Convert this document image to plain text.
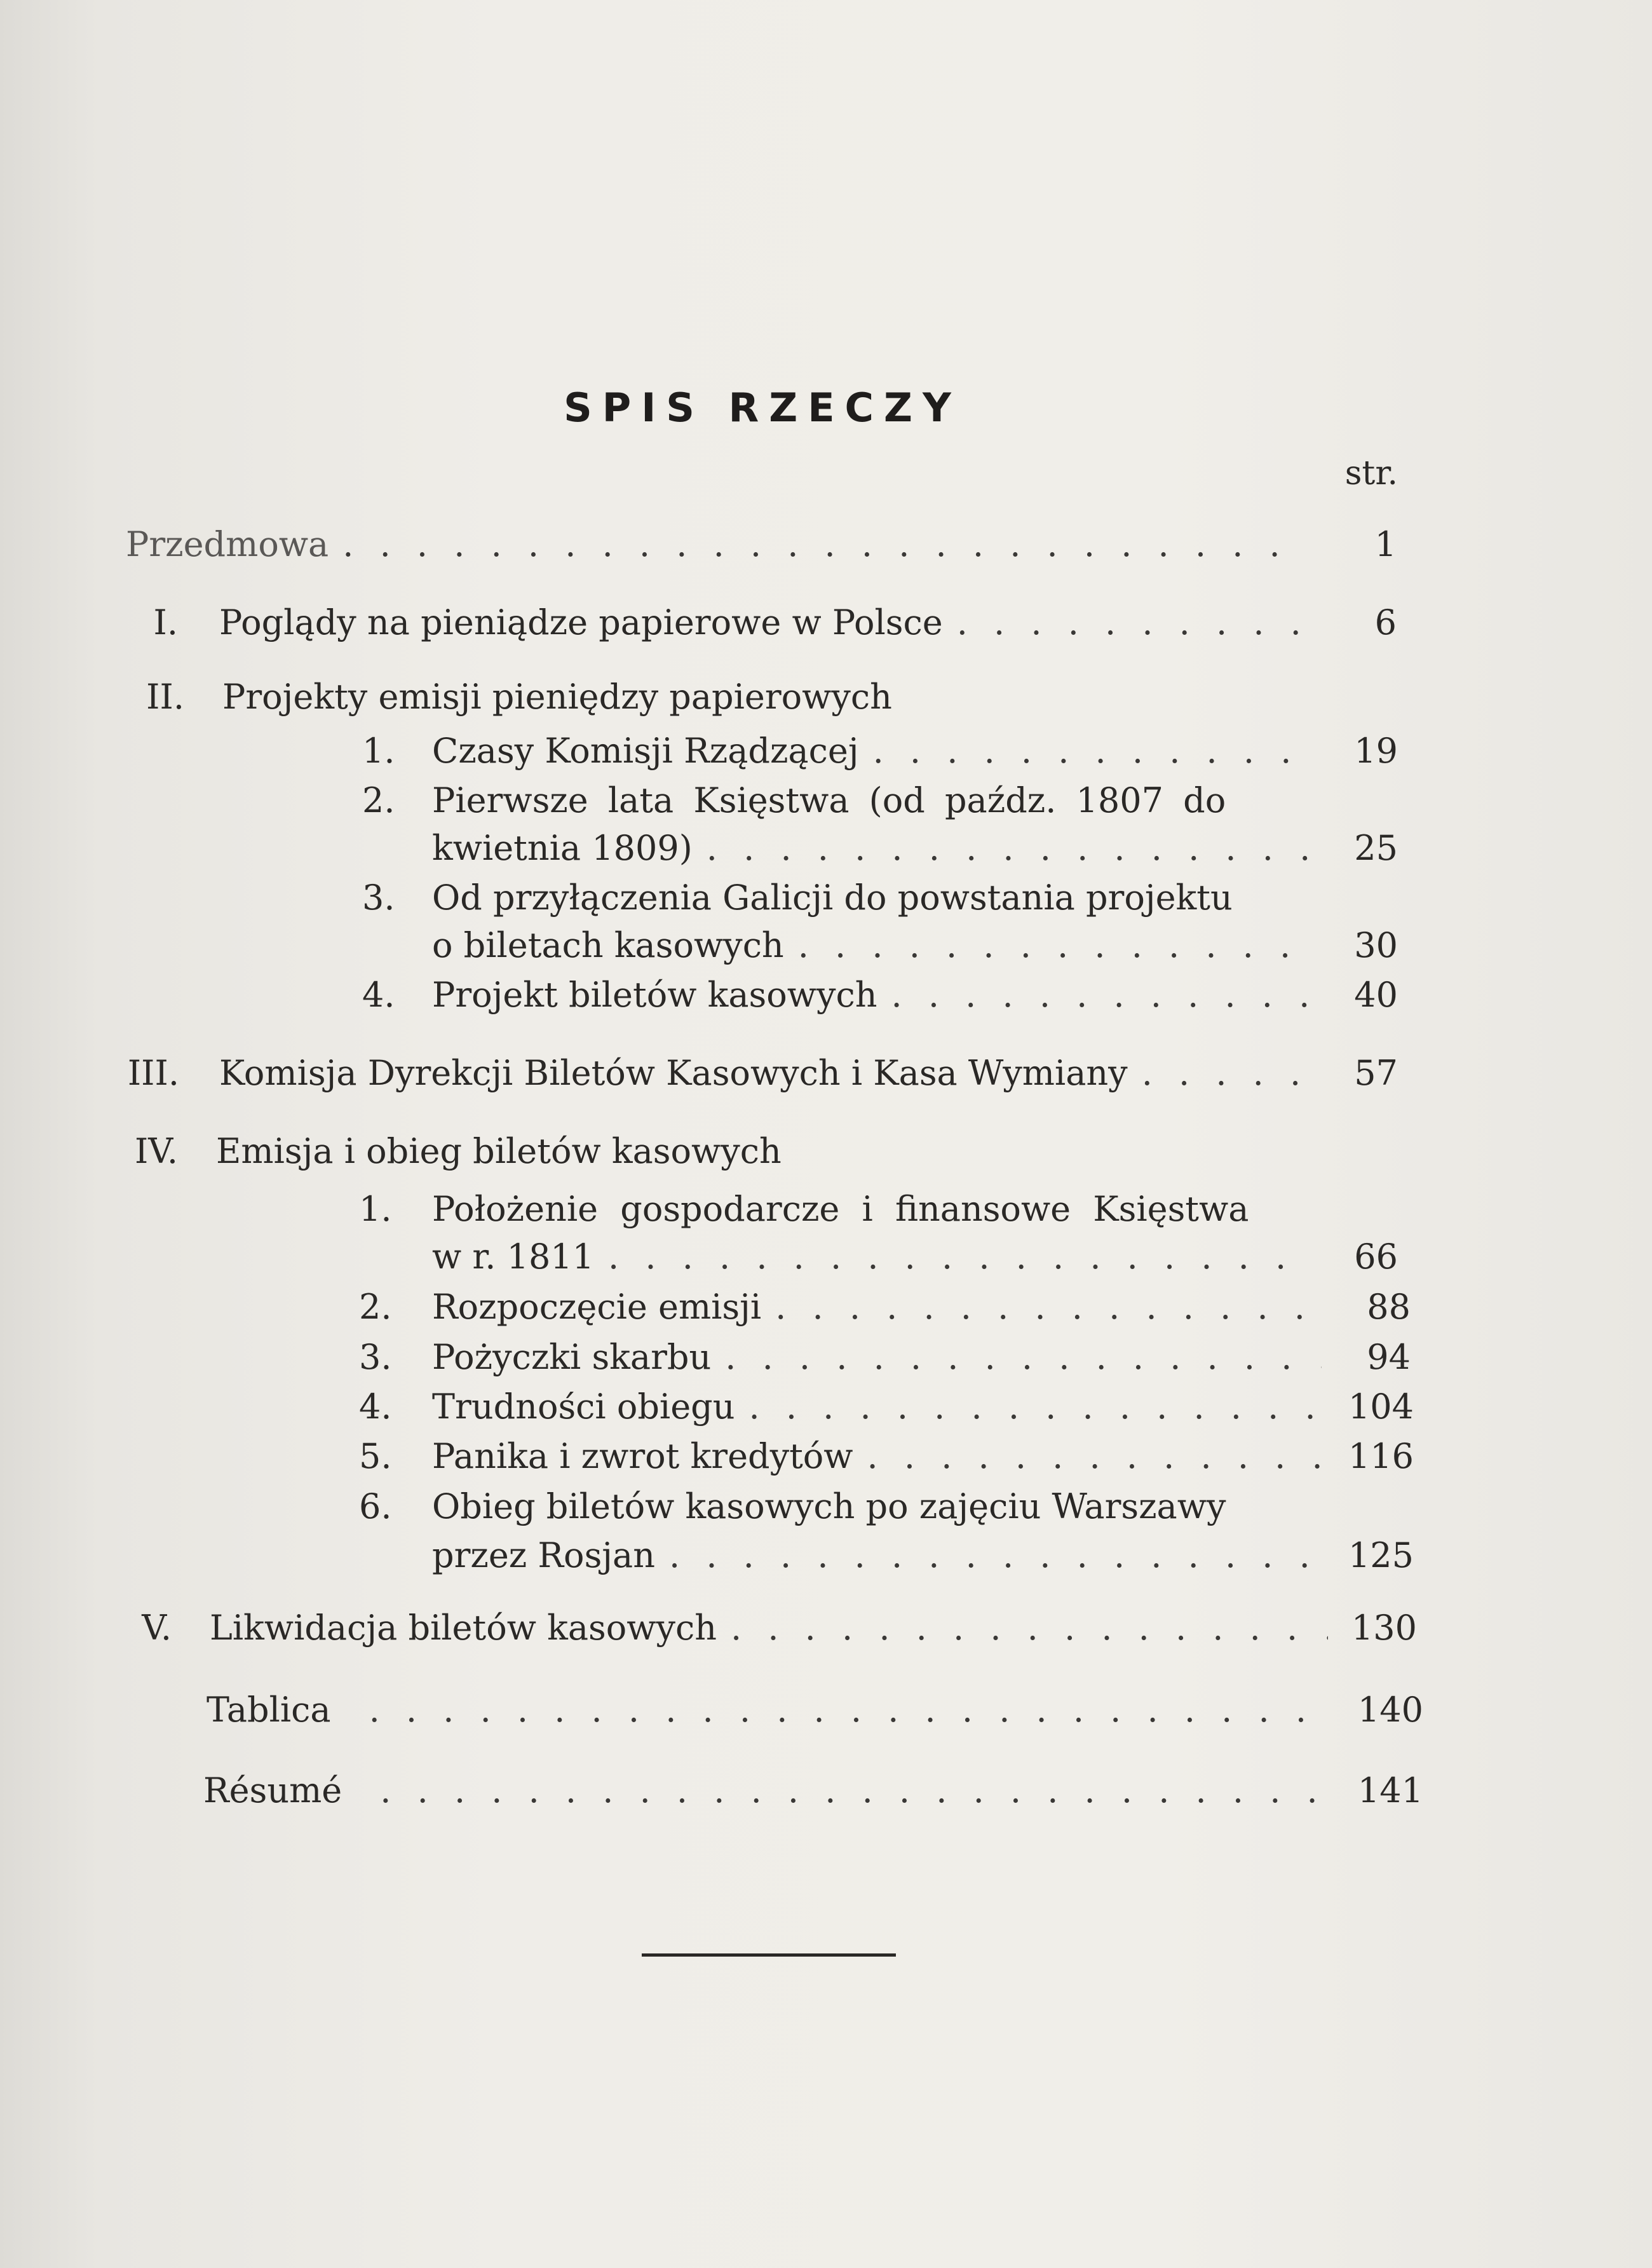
SPIS RZECZY
str.
Przedmowa . . .	1
I. Poglądy na pieniądze papierowe w Polsce . . .	6
II. Projekty emisji pieniędzy papierowych
1.	Czasy Komisji Rządzącej . . .	19
2.	Pierwsze lata Księstwa (od paźdz. 1807 do
kwietnia 1809) . . .	25
3.	Od przyłączenia Galicji do powstania projektu
o biletach kasowych . . .	30
4.	Projekt biletów kasowych . . .	40
III. Komisja Dyrekcji Biletów Kasowych i Kasa Wymiany . . .	57
IV. Emisja i obieg biletów kasowych
1.	Położenie gospodarcze i finansowe Księstwa
w r. 1811 . . .	66
2.	Rozpoczęcie emisji . . .	88
3.	Pożyczki skarbu . . .	94
4.	Trudności obiegu . . .	104
5.	Panika i zwrot kredytów . . .	116
6.	Obieg biletów kasowych po zajęciu Warszawy
przez Rosjan . . .	125
V. Likwidacja biletów kasowych . . .	130
Tablica . . .	140
Résumé . . .	141
